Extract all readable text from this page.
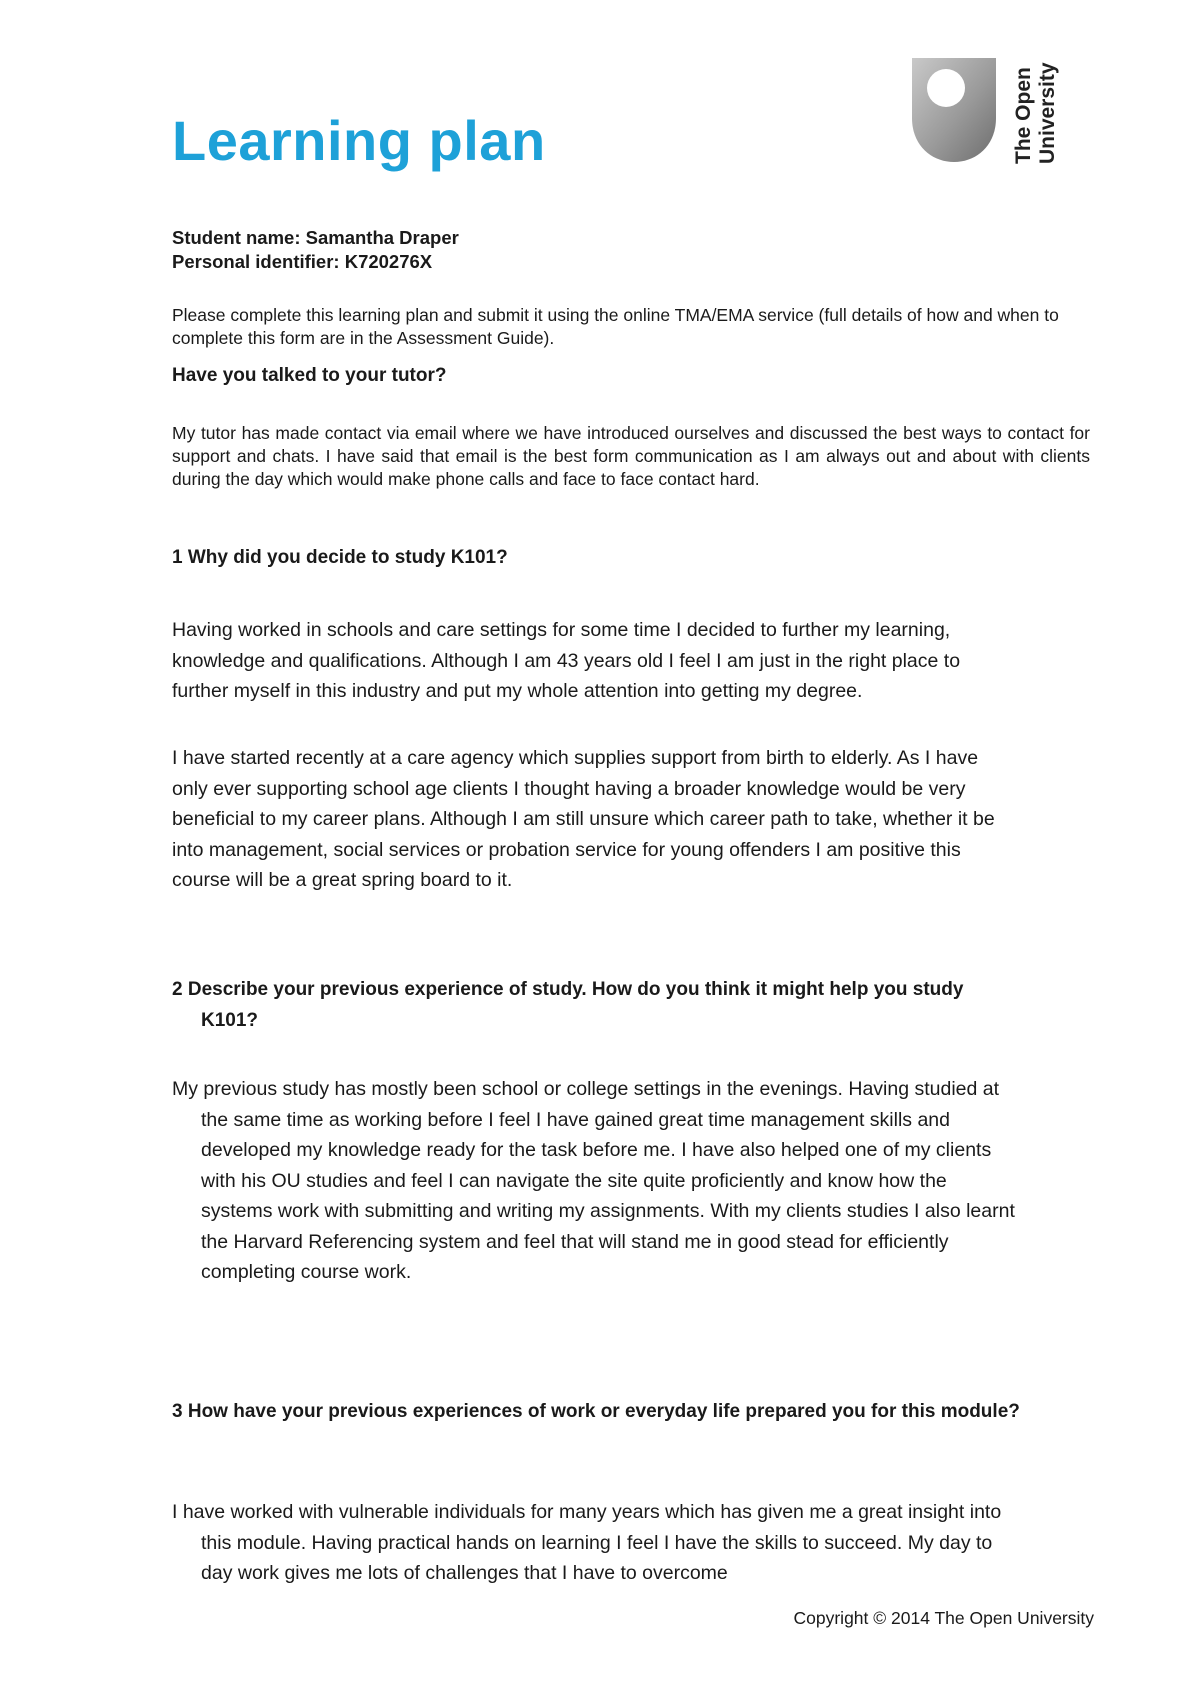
Learning plan	The Open University
Student name: Samantha Draper
Personal identifier: K720276X

Please complete this learning plan and submit it using the online TMA/EMA service (full details of how and when to complete this form are in the Assessment Guide).

Have you talked to your tutor?

My tutor has made contact via email where we have introduced ourselves and discussed the best ways to contact for support and chats. I have said that email is the best form communication as I am always out and about with clients during the day which would make phone calls and face to face contact hard.

1 Why did you decide to study K101?

Having worked in schools and care settings for some time I decided to further my learning, knowledge and qualifications. Although I am 43 years old I feel I am just in the right place to further myself in this industry and put my whole attention into getting my degree.

I have started recently at a care agency which supplies support from birth to elderly. As I have only ever supporting school age clients I thought having a broader knowledge would be very beneficial to my career plans. Although I am still unsure which career path to take, whether it be into management, social services or probation service for young offenders I am positive this course will be a great spring board to it.

2 Describe your previous experience of study. How do you think it might help you study K101?

My previous study has mostly been school or college settings in the evenings. Having studied at the same time as working before I feel I have gained great time management skills and developed my knowledge ready for the task before me. I have also helped one of my clients with his OU studies and feel I can navigate the site quite proficiently and know how the systems work with submitting and writing my assignments. With my clients studies I also learnt the Harvard Referencing system and feel that will stand me in good stead for efficiently completing course work.

3 How have your previous experiences of work or everyday life prepared you for this module?

I have worked with vulnerable individuals for many years which has given me a great insight into this module. Having practical hands on learning I feel I have the skills to succeed. My day to day work gives me lots of challenges that I have to overcome

Copyright © 2014 The Open University
